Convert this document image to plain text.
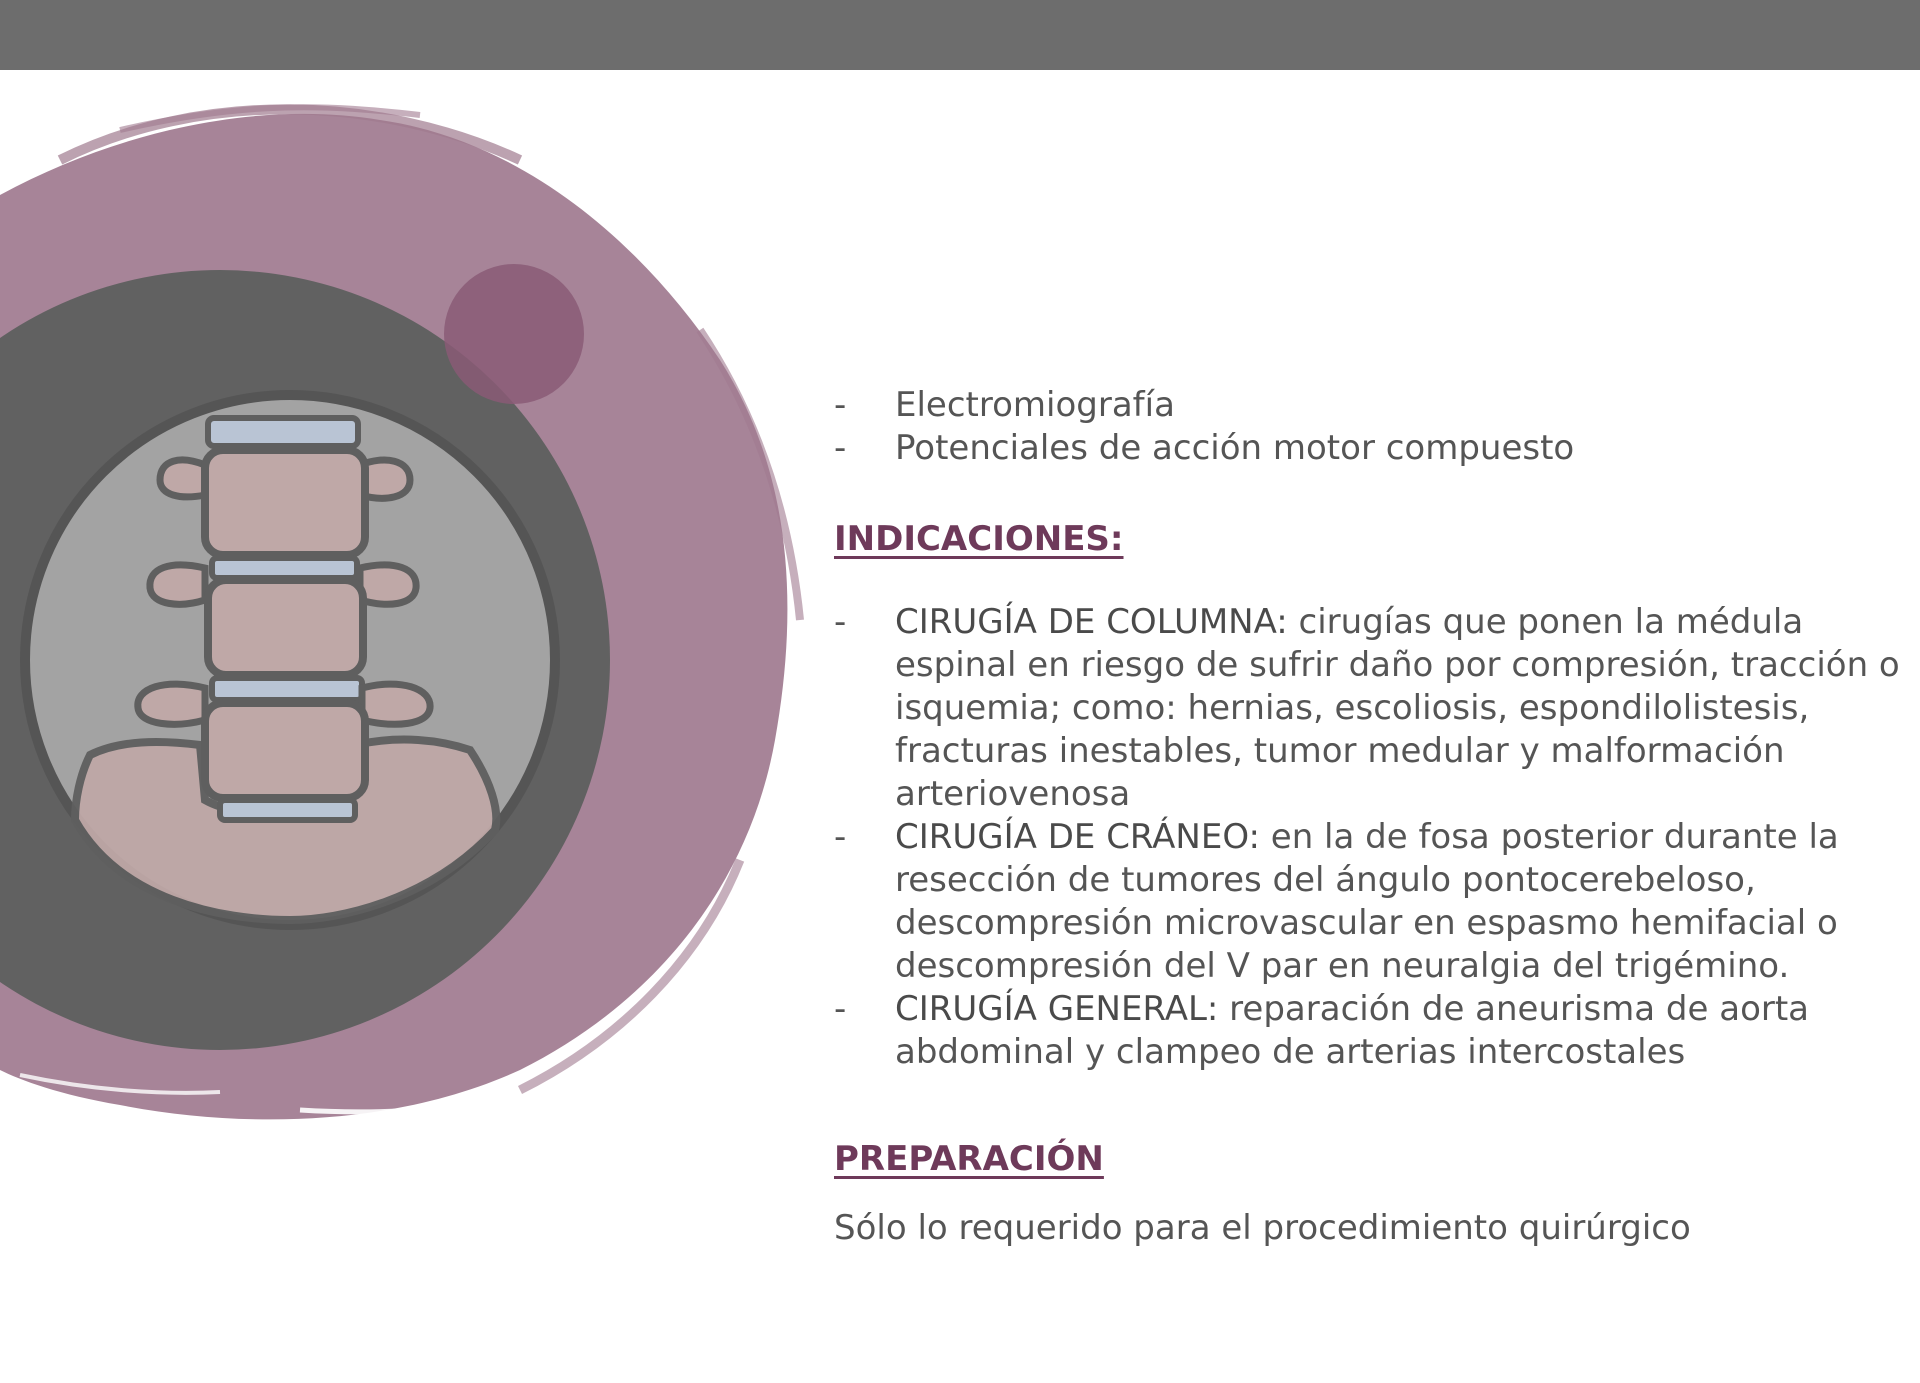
-	Electromiografía
-	Potenciales de acción motor compuesto
INDICACIONES:
-	CIRUGÍA DE COLUMNA: cirugías que ponen la médula espinal en riesgo de sufrir daño por compresión, tracción o isquemia; como: hernias, escoliosis, espondilolistesis, fracturas inestables, tumor medular y malformación arteriovenosa
-	CIRUGÍA DE CRÁNEO: en la de fosa posterior durante la resección de tumores del ángulo pontocerebeloso, descompresión microvascular en espasmo hemifacial o descompresión del V par en neuralgia del trigémino.
-	CIRUGÍA GENERAL: reparación de aneurisma de aorta abdominal y clampeo de arterias intercostales
PREPARACIÓN
Sólo lo requerido para el procedimiento quirúrgico
